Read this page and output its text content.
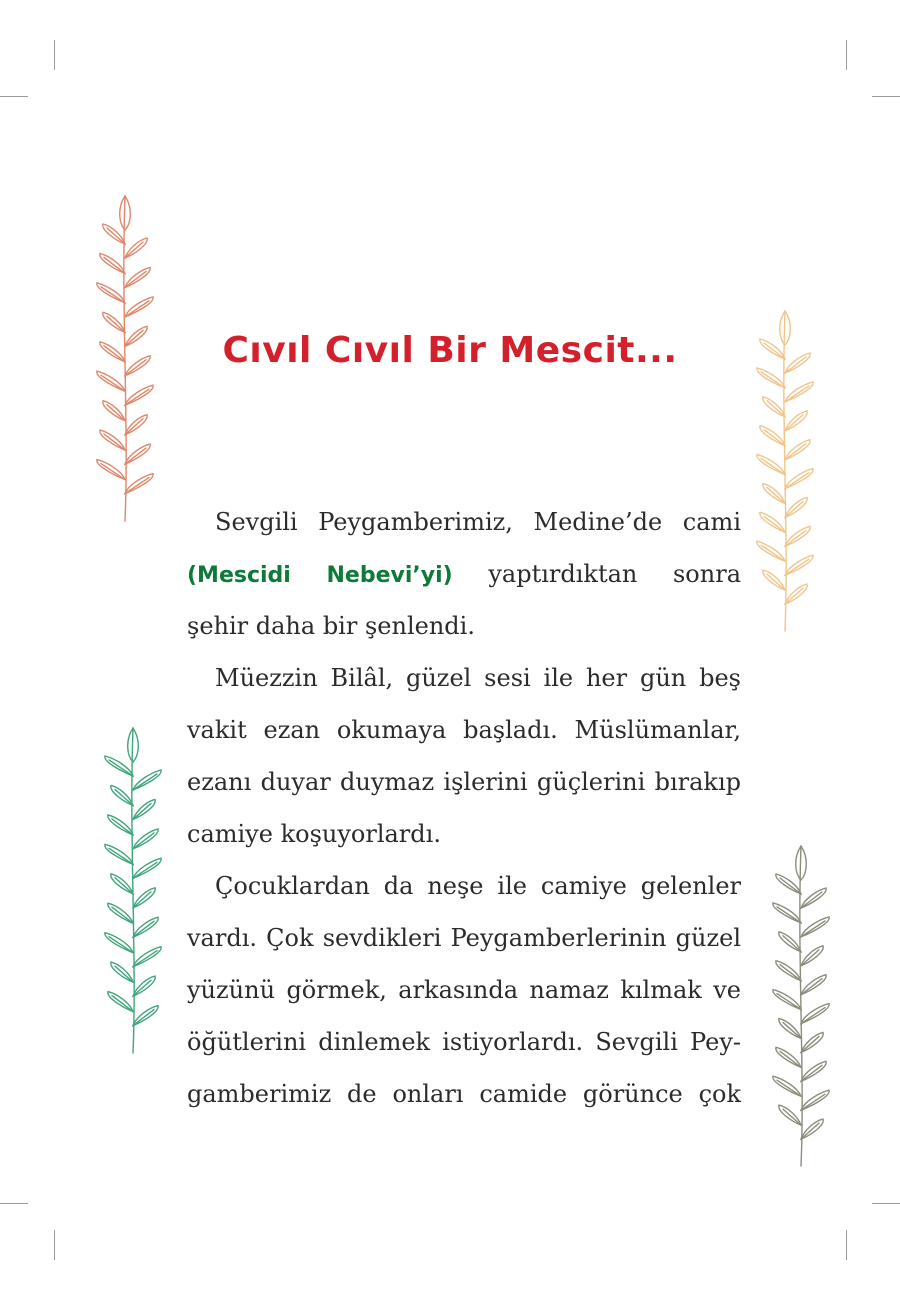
Cıvıl Cıvıl Bir Mescit...
Sevgili Peygamberimiz, Medine’de cami
(Mescidi Nebevi’yi) yaptırdıktan sonra
şehir daha bir şenlendi.
Müezzin Bilâl, güzel sesi ile her gün beş
vakit ezan okumaya başladı. Müslümanlar,
ezanı duyar duymaz işlerini güçlerini bırakıp
camiye koşuyorlardı.
Çocuklardan da neşe ile camiye gelenler
vardı. Çok sevdikleri Peygamberlerinin güzel
yüzünü görmek, arkasında namaz kılmak ve
öğütlerini dinlemek istiyorlardı. Sevgili Pey-
gamberimiz de onları camide görünce çok
